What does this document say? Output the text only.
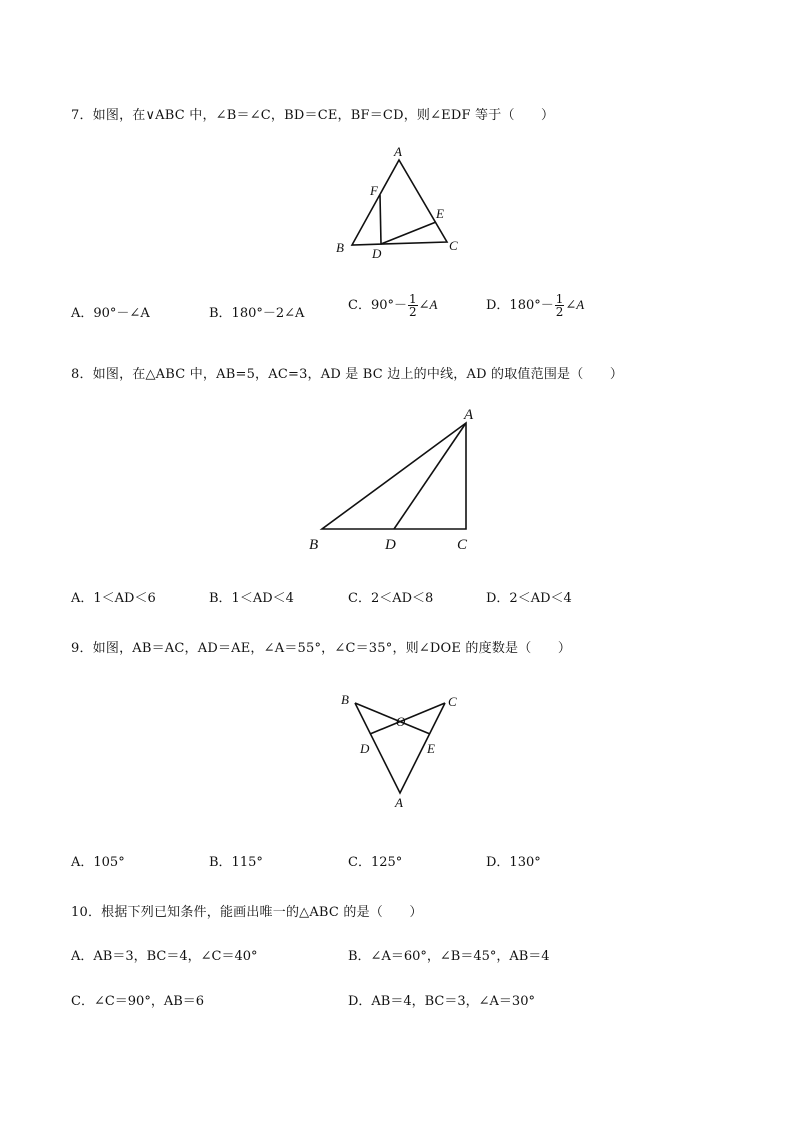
7．如图，在∨ABC 中，∠B＝∠C，BD＝CE，BF＝CD，则∠EDF 等于（　　）
A
B	C
D
E
F
A．90°－∠A	B．180°－2∠A
C．$90^\circ- \frac{1}{2}$ ∠A	D．$180^\circ- \frac{1}{2}$ ∠A
8．如图，在△ABC 中，AB=5，AC=3，AD 是 BC 边上的中线，AD 的取值范围是（　　）
A
B	D	C
A．1＜AD＜6	B．1＜AD＜4	C．2＜AD＜8	D．2＜AD＜4
9．如图，AB＝AC，AD＝AE，∠A＝55°，∠C＝35°，则∠DOE 的度数是（　　）
B	C
O
D	E
A
A．105°	B．115°	C．125°	D．130°
10．根据下列已知条件，能画出唯一的△ABC 的是（　　）
A．AB＝3，BC＝4，∠C＝40°	B．∠A＝60°，∠B＝45°，AB＝4
C．∠C＝90°，AB＝6	D．AB＝4，BC＝3，∠A＝30°
